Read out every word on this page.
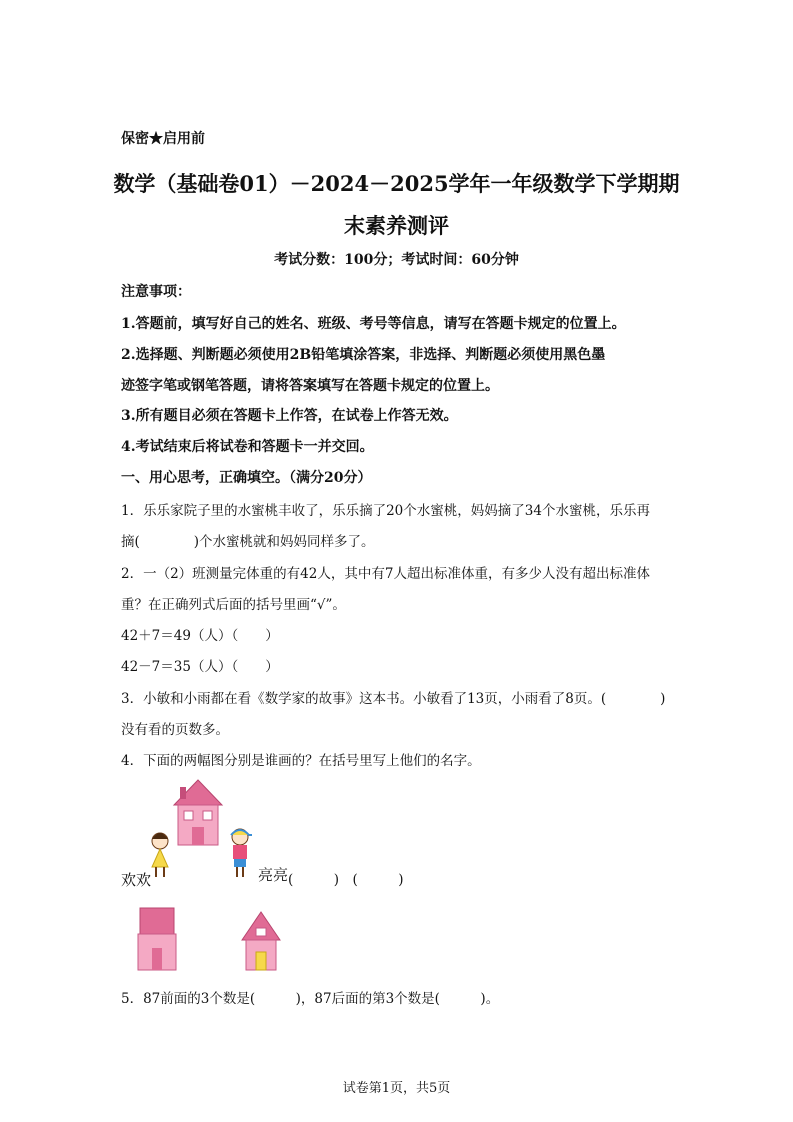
保密★启用前
数学（基础卷01）－2024－2025学年一年级数学下学期期
末素养测评
考试分数：100分；考试时间：60分钟
注意事项：
1.答题前，填写好自己的姓名、班级、考号等信息，请写在答题卡规定的位置上。
2.选择题、判断题必须使用2B铅笔填涂答案，非选择、判断题必须使用黑色墨
迹签字笔或钢笔答题，请将答案填写在答题卡规定的位置上。
3.所有题目必须在答题卡上作答，在试卷上作答无效。
4.考试结束后将试卷和答题卡一并交回。
一、用心思考，正确填空。（满分20分）
1．乐乐家院子里的水蜜桃丰收了，乐乐摘了20个水蜜桃，妈妈摘了34个水蜜桃，乐乐再
摘(　　　　)个水蜜桃就和妈妈同样多了。
2．一（2）班测量完体重的有42人，其中有7人超出标准体重，有多少人没有超出标准体
重？在正确列式后面的括号里画“√”。
42＋7＝49（人）（　　）
42－7＝35（人）（　　）
3．小敏和小雨都在看《数学家的故事》这本书。小敏看了13页，小雨看了8页。(　　　　)
没有看的页数多。
4．下面的两幅图分别是谁画的？在括号里写上他们的名字。
欢欢	亮亮 (　　　)　(　　　)
5．87前面的3个数是(　　　)，87后面的第3个数是(　　　)。
试卷第1页，共5页
